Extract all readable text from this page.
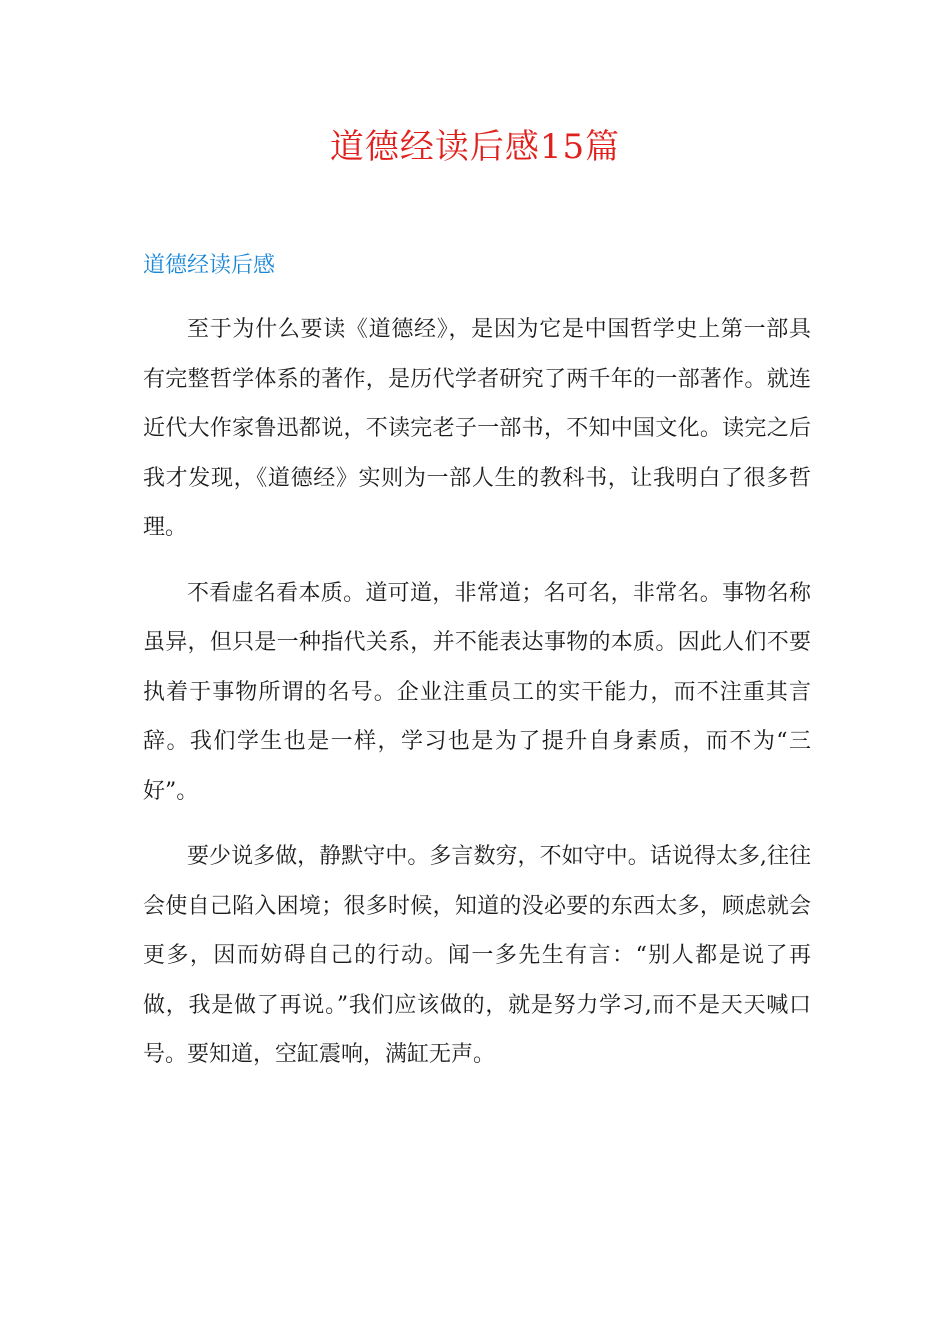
道德经读后感15篇
道德经读后感

至于为什么要读《道德经》，是因为它是中国哲学史上第一部具有完整哲学体系的著作，是历代学者研究了两千年的一部著作。就连近代大作家鲁迅都说，不读完老子一部书，不知中国文化。读完之后我才发现，《道德经》实则为一部人生的教科书，让我明白了很多哲理。

不看虚名看本质。道可道，非常道；名可名，非常名。事物名称虽异，但只是一种指代关系，并不能表达事物的本质。因此人们不要执着于事物所谓的名号。企业注重员工的实干能力，而不注重其言辞。我们学生也是一样，学习也是为了提升自身素质，而不为“三好”。

要少说多做，静默守中。多言数穷，不如守中。话说得太多,往往会使自己陷入困境；很多时候，知道的没必要的东西太多，顾虑就会更多，因而妨碍自己的行动。闻一多先生有言：“别人都是说了再做，我是做了再说。”我们应该做的，就是努力学习,而不是天天喊口号。要知道，空缸震响，满缸无声。
